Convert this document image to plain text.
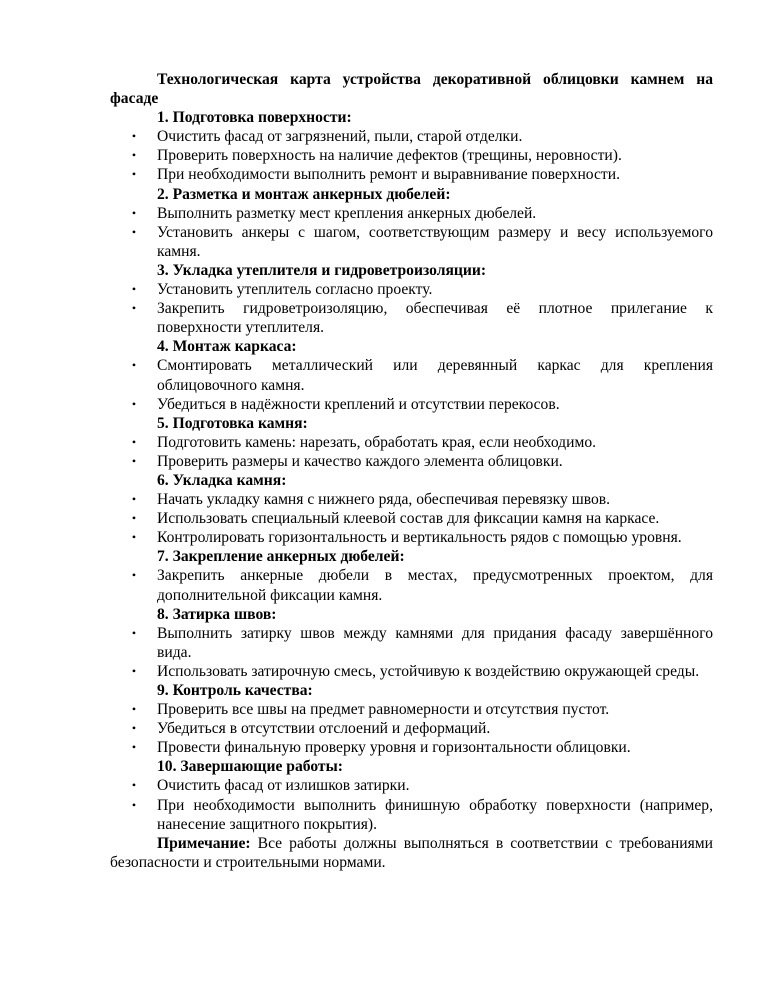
Технологическая карта устройства декоративной облицовки камнем на фасаде

1. Подготовка поверхности:

• Очистить фасад от загрязнений, пыли, старой отделки.
• Проверить поверхность на наличие дефектов (трещины, неровности).
• При необходимости выполнить ремонт и выравнивание поверхности.

2. Разметка и монтаж анкерных дюбелей:

• Выполнить разметку мест крепления анкерных дюбелей.
• Установить анкеры с шагом, соответствующим размеру и весу используемого камня.

3. Укладка утеплителя и гидроветроизоляции:

• Установить утеплитель согласно проекту.
• Закрепить гидроветроизоляцию, обеспечивая её плотное прилегание к поверхности утеплителя.

4. Монтаж каркаса:

• Смонтировать металлический или деревянный каркас для крепления облицовочного камня.
• Убедиться в надёжности креплений и отсутствии перекосов.

5. Подготовка камня:

• Подготовить камень: нарезать, обработать края, если необходимо.
• Проверить размеры и качество каждого элемента облицовки.

6. Укладка камня:

• Начать укладку камня с нижнего ряда, обеспечивая перевязку швов.
• Использовать специальный клеевой состав для фиксации камня на каркасе.
• Контролировать горизонтальность и вертикальность рядов с помощью уровня.

7. Закрепление анкерных дюбелей:

• Закрепить анкерные дюбели в местах, предусмотренных проектом, для дополнительной фиксации камня.

8. Затирка швов:

• Выполнить затирку швов между камнями для придания фасаду завершённого вида.
• Использовать затирочную смесь, устойчивую к воздействию окружающей среды.

9. Контроль качества:

• Проверить все швы на предмет равномерности и отсутствия пустот.
• Убедиться в отсутствии отслоений и деформаций.
• Провести финальную проверку уровня и горизонтальности облицовки.

10. Завершающие работы:

• Очистить фасад от излишков затирки.
• При необходимости выполнить финишную обработку поверхности (например, нанесение защитного покрытия).

Примечание: Все работы должны выполняться в соответствии с требованиями безопасности и строительными нормами.
